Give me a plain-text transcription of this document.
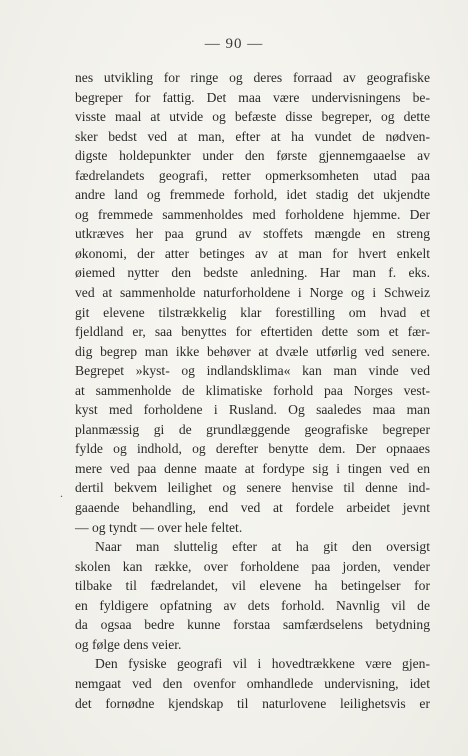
— 90 —
.
nes utvikling for ringe og deres forraad av geografiske
begreper for fattig. Det maa være undervisningens be-
visste maal at utvide og befæste disse begreper, og dette
sker bedst ved at man, efter at ha vundet de nødven-
digste holdepunkter under den første gjennemgaaelse av
fædrelandets geografi, retter opmerksomheten utad paa
andre land og fremmede forhold, idet stadig det ukjendte
og fremmede sammenholdes med forholdene hjemme. Der
utkræves her paa grund av stoffets mængde en streng
økonomi, der atter betinges av at man for hvert enkelt
øiemed nytter den bedste anledning. Har man f. eks.
ved at sammenholde naturforholdene i Norge og i Schweiz
git elevene tilstrækkelig klar forestilling om hvad et
fjeldland er, saa benyttes for eftertiden dette som et fær-
dig begrep man ikke behøver at dvæle utførlig ved senere.
Begrepet »kyst- og indlandsklima« kan man vinde ved
at sammenholde de klimatiske forhold paa Norges vest-
kyst med forholdene i Rusland. Og saaledes maa man
planmæssig gi de grundlæggende geografiske begreper
fylde og indhold, og derefter benytte dem. Der opnaaes
mere ved paa denne maate at fordype sig i tingen ved en
dertil bekvem leilighet og senere henvise til denne ind-
gaaende behandling, end ved at fordele arbeidet jevnt
— og tyndt — over hele feltet.
Naar man sluttelig efter at ha git den oversigt
skolen kan række, over forholdene paa jorden, vender
tilbake til fædrelandet, vil elevene ha betingelser for
en fyldigere opfatning av dets forhold. Navnlig vil de
da ogsaa bedre kunne forstaa samfærdselens betydning
og følge dens veier.
Den fysiske geografi vil i hovedtrækkene være gjen-
nemgaat ved den ovenfor omhandlede undervisning, idet
det fornødne kjendskap til naturlovene leilighetsvis er
